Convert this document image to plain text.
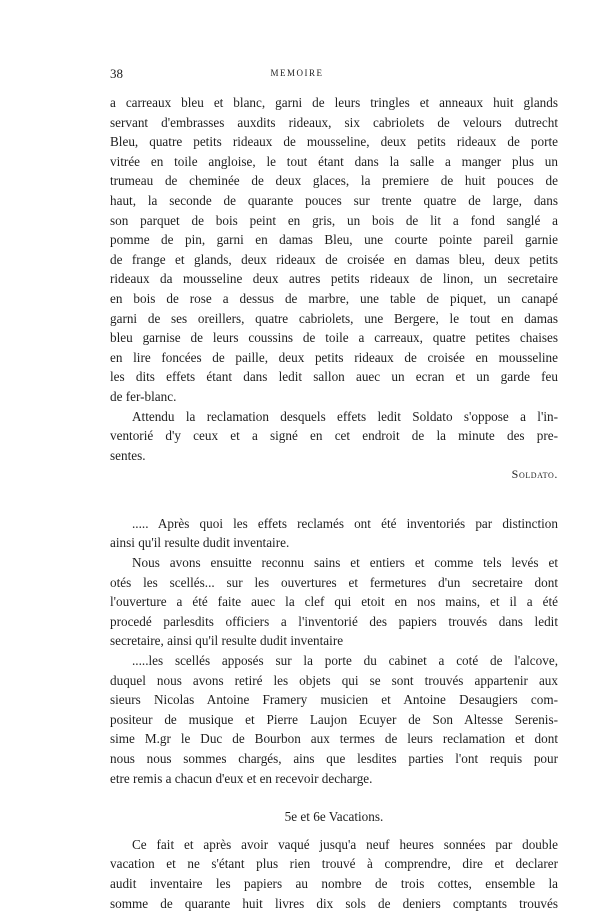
38	MEMOIRE
a carreaux bleu et blanc, garni de leurs tringles et anneaux huit glands
servant d'embrasses auxdits rideaux, six cabriolets de velours dutrecht
Bleu, quatre petits rideaux de mousseline, deux petits rideaux de porte
vitrée en toile angloise, le tout étant dans la salle a manger plus un
trumeau de cheminée de deux glaces, la premiere de huit pouces de
haut, la seconde de quarante pouces sur trente quatre de large, dans
son parquet de bois peint en gris, un bois de lit a fond sanglé a
pomme de pin, garni en damas Bleu, une courte pointe pareil garnie
de frange et glands, deux rideaux de croisée en damas bleu, deux petits
rideaux da mousseline deux autres petits rideaux de linon, un secretaire
en bois de rose a dessus de marbre, une table de piquet, un canapé
garni de ses oreillers, quatre cabriolets, une Bergere, le tout en damas
bleu garnise de leurs coussins de toile a carreaux, quatre petites chaises
en lire foncées de paille, deux petits rideaux de croisée en mousseline
les dits effets étant dans ledit sallon auec un ecran et un garde feu
de fer-blanc.
Attendu la reclamation desquels effets ledit Soldato s'oppose a l'in-
ventorié d'y ceux et a signé en cet endroit de la minute des pre-
sentes.
Soldato.
..... Après quoi les effets reclamés ont été inventoriés par distinction
ainsi qu'il resulte dudit inventaire.
Nous avons ensuitte reconnu sains et entiers et comme tels levés et
otés les scellés... sur les ouvertures et fermetures d'un secretaire dont
l'ouverture a été faite auec la clef qui etoit en nos mains, et il a été
procedé parlesdits officiers a l'inventorié des papiers trouvés dans ledit
secretaire, ainsi qu'il resulte dudit inventaire
.....les scellés apposés sur la porte du cabinet a coté de l'alcove,
duquel nous avons retiré les objets qui se sont trouvés appartenir aux
sieurs Nicolas Antoine Framery musicien et Antoine Desaugiers com-
positeur de musique et Pierre Laujon Ecuyer de Son Altesse Serenis-
sime M.gr le Duc de Bourbon aux termes de leurs reclamation et dont
nous nous sommes chargés, ains que lesdites parties l'ont requis pour
etre remis a chacun d'eux et en recevoir decharge.
5e et 6e Vacations.
Ce fait et après avoir vaqué jusqu'a neuf heures sonnées par double
vacation et ne s'étant plus rien trouvé à comprendre, dire et declarer
audit inventaire les papiers au nombre de trois cottes, ensemble la
somme de quarante huit livres dix sols de deniers comptants trouvés
